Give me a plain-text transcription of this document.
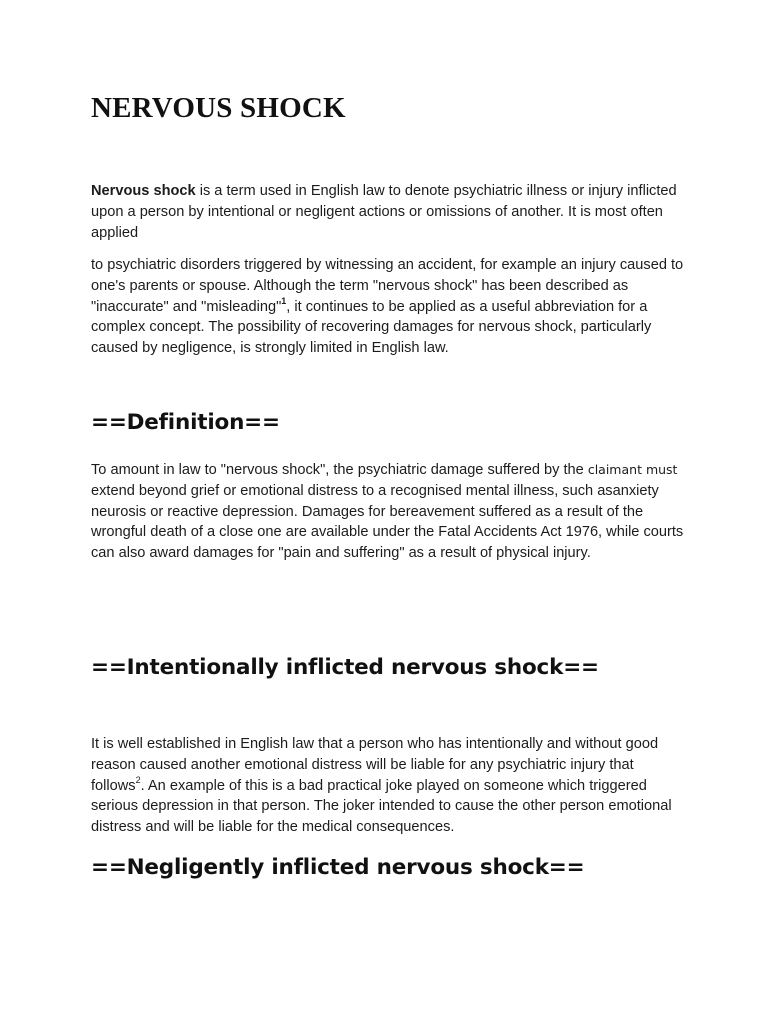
NERVOUS SHOCK

Nervous shock is a term used in English law to denote psychiatric illness or injury inflicted upon a person by intentional or negligent actions or omissions of another. It is most often applied

to psychiatric disorders triggered by witnessing an accident, for example an injury caused to one's parents or spouse. Although the term "nervous shock" has been described as "inaccurate" and "misleading"$^1$, it continues to be applied as a useful abbreviation for a complex concept. The possibility of recovering damages for nervous shock, particularly caused by negligence, is strongly limited in English law.

==Definition==

To amount in law to "nervous shock", the psychiatric damage suffered by the claimant must extend beyond grief or emotional distress to a recognised mental illness, such asanxiety neurosis or reactive depression. Damages for bereavement suffered as a result of the wrongful death of a close one are available under the Fatal Accidents Act 1976, while courts can also award damages for "pain and suffering" as a result of physical injury.

==Intentionally inflicted nervous shock==

It is well established in English law that a person who has intentionally and without good reason caused another emotional distress will be liable for any psychiatric injury that follows$^2$. An example of this is a bad practical joke played on someone which triggered serious depression in that person. The joker intended to cause the other person emotional distress and will be liable for the medical consequences.

==Negligently inflicted nervous shock==
